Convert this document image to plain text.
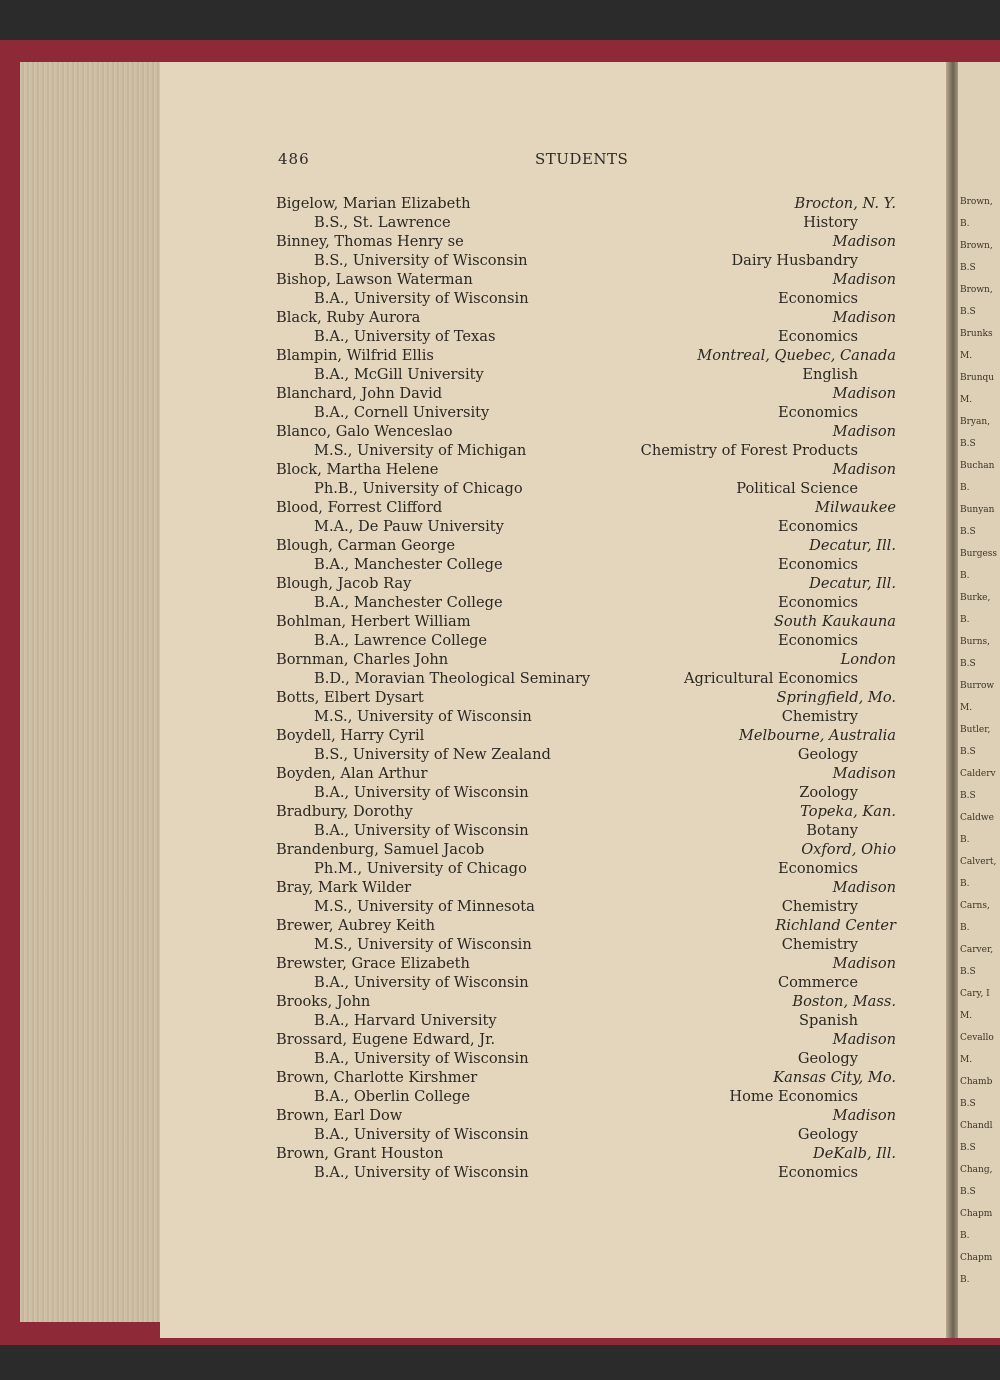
Brown,
B.
Brown,
B.S
Brown,
B.S
Brunks
M.
Brunqu
M.
Bryan,
B.S
Buchan
B.
Bunyan
B.S
Burgess
B.
Burke,
B.
Burns,
B.S
Burrow
M.
Butler,
B.S
Calderv
B.S
Caldwe
B.
Calvert,
B.
Carns,
B.
Carver,
B.S
Cary, I
M.
Cevallo
M.
Chamb
B.S
Chandl
B.S
Chang,
B.S
Chapm
B.
Chapm
B.
486	STUDENTS
Bigelow, Marian Elizabeth	Brocton, N. Y.
B.S., St. Lawrence	History
Binney, Thomas Henry se	Madison
B.S., University of Wisconsin	Dairy Husbandry
Bishop, Lawson Waterman	Madison
B.A., University of Wisconsin	Economics
Black, Ruby Aurora	Madison
B.A., University of Texas	Economics
Blampin, Wilfrid Ellis	Montreal, Quebec, Canada
B.A., McGill University	English
Blanchard, John David	Madison
B.A., Cornell University	Economics
Blanco, Galo Wenceslao	Madison
M.S., University of Michigan	Chemistry of Forest Products
Block, Martha Helene	Madison
Ph.B., University of Chicago	Political Science
Blood, Forrest Clifford	Milwaukee
M.A., De Pauw University	Economics
Blough, Carman George	Decatur, Ill.
B.A., Manchester College	Economics
Blough, Jacob Ray	Decatur, Ill.
B.A., Manchester College	Economics
Bohlman, Herbert William	South Kaukauna
B.A., Lawrence College	Economics
Bornman, Charles John	London
B.D., Moravian Theological Seminary	Agricultural Economics
Botts, Elbert Dysart	Springfield, Mo.
M.S., University of Wisconsin	Chemistry
Boydell, Harry Cyril	Melbourne, Australia
B.S., University of New Zealand	Geology
Boyden, Alan Arthur	Madison
B.A., University of Wisconsin	Zoology
Bradbury, Dorothy	Topeka, Kan.
B.A., University of Wisconsin	Botany
Brandenburg, Samuel Jacob	Oxford, Ohio
Ph.M., University of Chicago	Economics
Bray, Mark Wilder	Madison
M.S., University of Minnesota	Chemistry
Brewer, Aubrey Keith	Richland Center
M.S., University of Wisconsin	Chemistry
Brewster, Grace Elizabeth	Madison
B.A., University of Wisconsin	Commerce
Brooks, John	Boston, Mass.
B.A., Harvard University	Spanish
Brossard, Eugene Edward, Jr.	Madison
B.A., University of Wisconsin	Geology
Brown, Charlotte Kirshmer	Kansas City, Mo.
B.A., Oberlin College	Home Economics
Brown, Earl Dow	Madison
B.A., University of Wisconsin	Geology
Brown, Grant Houston	DeKalb, Ill.
B.A., University of Wisconsin	Economics
